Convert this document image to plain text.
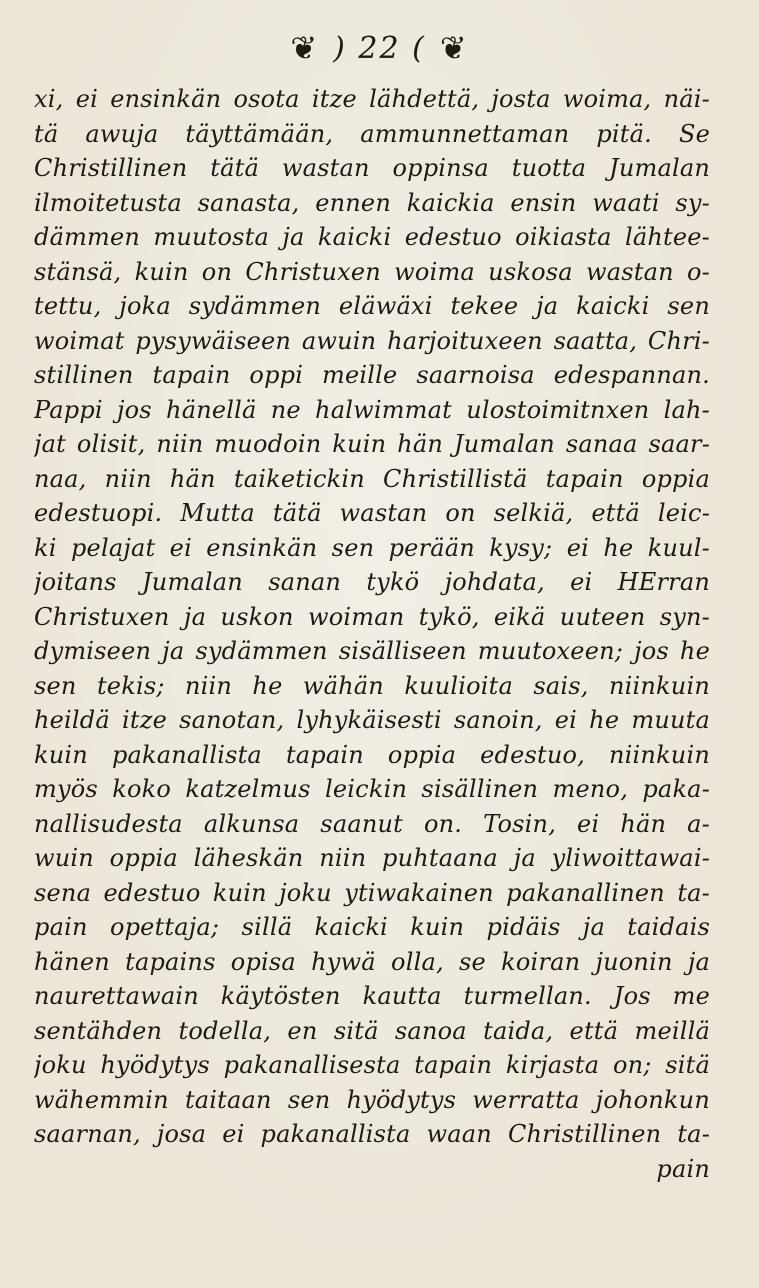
❦ ) 22 ( ❦
xi, ei ensinkän osota itze lähdettä, josta woima, näi-
tä awuja täyttämään, ammunnettaman pitä. Se
Christillinen tätä wastan oppinsa tuotta Jumalan
ilmoitetusta sanasta, ennen kaickia ensin waati sy-
dämmen muutosta ja kaicki edestuo oikiasta lähtee-
stänsä, kuin on Christuxen woima uskosa wastan o-
tettu, joka sydämmen eläwäxi tekee ja kaicki sen
woimat pysywäiseen awuin harjoituxeen saatta, Chri-
stillinen tapain oppi meille saarnoisa edespannan.
Pappi jos hänellä ne halwimmat ulostoimitnxen lah-
jat olisit, niin muodoin kuin hän Jumalan sanaa saar-
naa, niin hän taiketickin Christillistä tapain oppia
edestuopi. Mutta tätä wastan on selkiä, että leic-
ki pelajat ei ensinkän sen perään kysy; ei he kuul-
joitans Jumalan sanan tykö johdata, ei HErran
Christuxen ja uskon woiman tykö, eikä uuteen syn-
dymiseen ja sydämmen sisälliseen muutoxeen; jos he
sen tekis; niin he wähän kuulioita sais, niinkuin
heildä itze sanotan, lyhykäisesti sanoin, ei he muuta
kuin pakanallista tapain oppia edestuo, niinkuin
myös koko katzelmus leickin sisällinen meno, paka-
nallisudesta alkunsa saanut on. Tosin, ei hän a-
wuin oppia läheskän niin puhtaana ja yliwoittawai-
sena edestuo kuin joku ytiwakainen pakanallinen ta-
pain opettaja; sillä kaicki kuin pidäis ja taidais
hänen tapains opisa hywä olla, se koiran juonin ja
naurettawain käytösten kautta turmellan. Jos me
sentähden todella, en sitä sanoa taida, että meillä
joku hyödytys pakanallisesta tapain kirjasta on; sitä
wähemmin taitaan sen hyödytys werratta johonkun
saarnan, josa ei pakanallista waan Christillinen ta-
pain
